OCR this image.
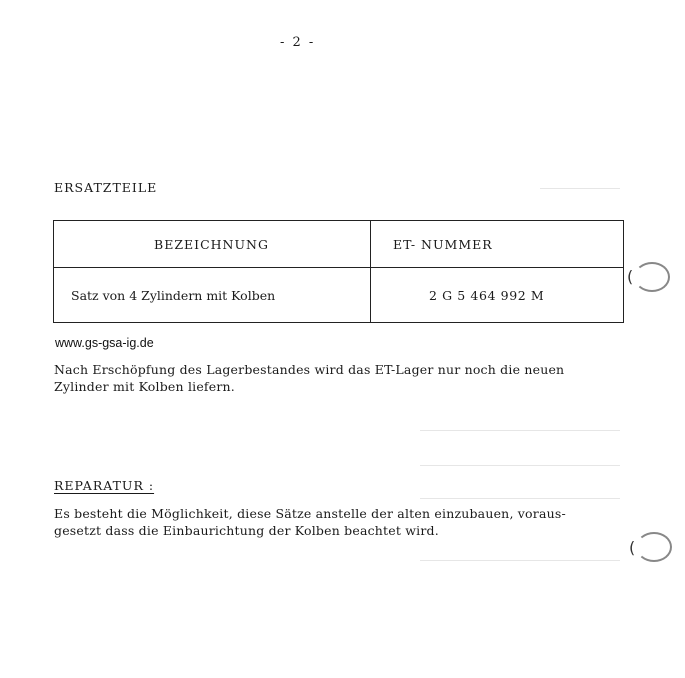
(
(
- 2 -
ERSATZTEILE
BEZEICHNUNG	ET- NUMMER
Satz von 4 Zylindern mit Kolben	2 G 5 464 992 M
www.gs-gsa-ig.de
Nach Erschöpfung des Lagerbestandes wird das ET-Lager nur noch die neuen
Zylinder mit Kolben liefern.
REPARATUR :
Es besteht die Möglichkeit, diese Sätze anstelle der alten einzubauen, voraus-
gesetzt dass die Einbaurichtung der Kolben beachtet wird.
